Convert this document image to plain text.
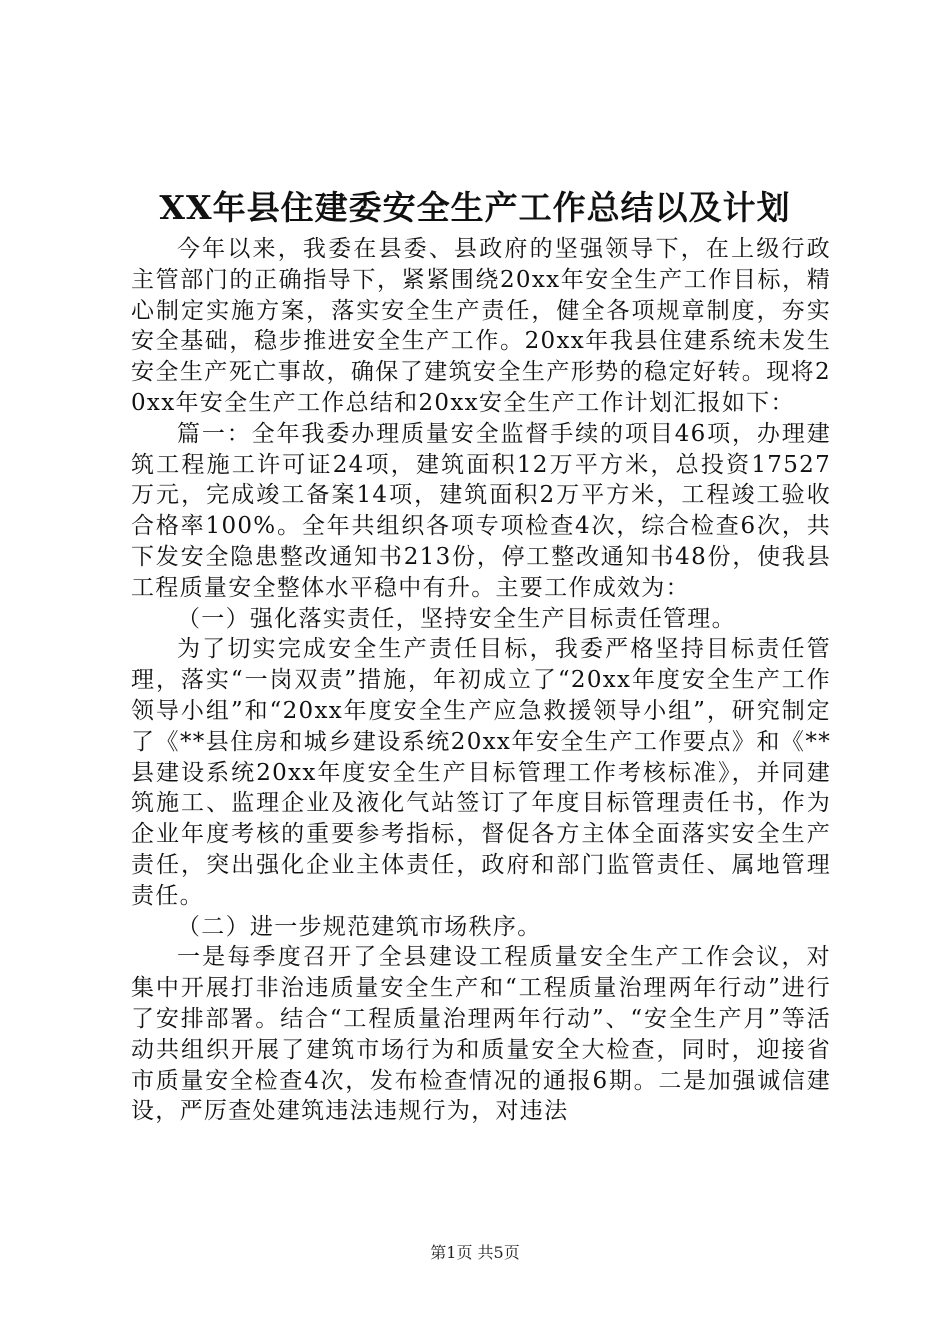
XX年县住建委安全生产工作总结以及计划

今年以来，我委在县委、县政府的坚强领导下，在上级行政主管部门的正确指导下，紧紧围绕20xx年安全生产工作目标，精心制定实施方案，落实安全生产责任，健全各项规章制度，夯实安全基础，稳步推进安全生产工作。20xx年我县住建系统未发生安全生产死亡事故，确保了建筑安全生产形势的稳定好转。现将20xx年安全生产工作总结和20xx安全生产工作计划汇报如下：

篇一：全年我委办理质量安全监督手续的项目46项，办理建筑工程施工许可证24项，建筑面积12万平方米，总投资17527万元，完成竣工备案14项，建筑面积2万平方米，工程竣工验收合格率100%。全年共组织各项专项检查4次，综合检查6次，共下发安全隐患整改通知书213份，停工整改通知书48份，使我县工程质量安全整体水平稳中有升。主要工作成效为：

（一）强化落实责任，坚持安全生产目标责任管理。

为了切实完成安全生产责任目标，我委严格坚持目标责任管理，落实“一岗双责”措施，年初成立了“20xx年度安全生产工作领导小组”和“20xx年度安全生产应急救援领导小组”，研究制定了《**县住房和城乡建设系统20xx年安全生产工作要点》和《**县建设系统20xx年度安全生产目标管理工作考核标准》，并同建筑施工、监理企业及液化气站签订了年度目标管理责任书，作为企业年度考核的重要参考指标，督促各方主体全面落实安全生产责任，突出强化企业主体责任，政府和部门监管责任、属地管理责任。

（二）进一步规范建筑市场秩序。

一是每季度召开了全县建设工程质量安全生产工作会议，对集中开展打非治违质量安全生产和“工程质量治理两年行动”进行了安排部署。结合“工程质量治理两年行动”、“安全生产月”等活动共组织开展了建筑市场行为和质量安全大检查，同时，迎接省市质量安全检查4次，发布检查情况的通报6期。二是加强诚信建设，严厉查处建筑违法违规行为，对违法

第1页 共5页
